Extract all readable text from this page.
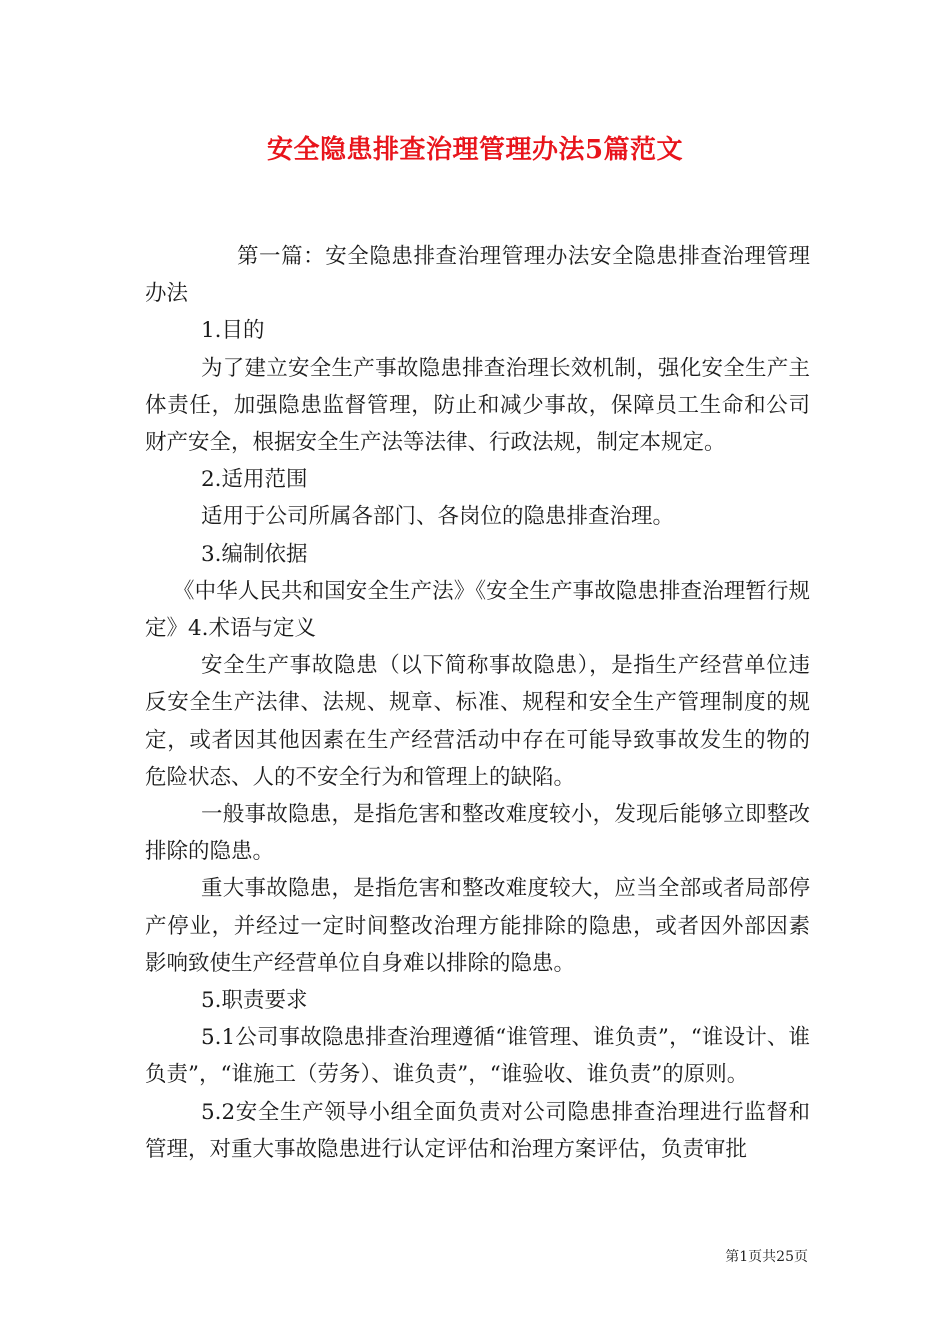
安全隐患排查治理管理办法5篇范文

第一篇：安全隐患排查治理管理办法安全隐患排查治理管理办法

1.目的

为了建立安全生产事故隐患排查治理长效机制，强化安全生产主体责任，加强隐患监督管理，防止和减少事故，保障员工生命和公司财产安全，根据安全生产法等法律、行政法规，制定本规定。

2.适用范围

适用于公司所属各部门、各岗位的隐患排查治理。

3.编制依据

《中华人民共和国安全生产法》《安全生产事故隐患排查治理暂行规定》4.术语与定义

安全生产事故隐患（以下简称事故隐患），是指生产经营单位违反安全生产法律、法规、规章、标准、规程和安全生产管理制度的规定，或者因其他因素在生产经营活动中存在可能导致事故发生的物的危险状态、人的不安全行为和管理上的缺陷。

一般事故隐患，是指危害和整改难度较小，发现后能够立即整改排除的隐患。

重大事故隐患，是指危害和整改难度较大，应当全部或者局部停产停业，并经过一定时间整改治理方能排除的隐患，或者因外部因素影响致使生产经营单位自身难以排除的隐患。

5.职责要求

5.1公司事故隐患排查治理遵循“谁管理、谁负责”，“谁设计、谁负责”，“谁施工（劳务）、谁负责”，“谁验收、谁负责”的原则。

5.2安全生产领导小组全面负责对公司隐患排查治理进行监督和管理，对重大事故隐患进行认定评估和治理方案评估，负责审批

第1页共25页
